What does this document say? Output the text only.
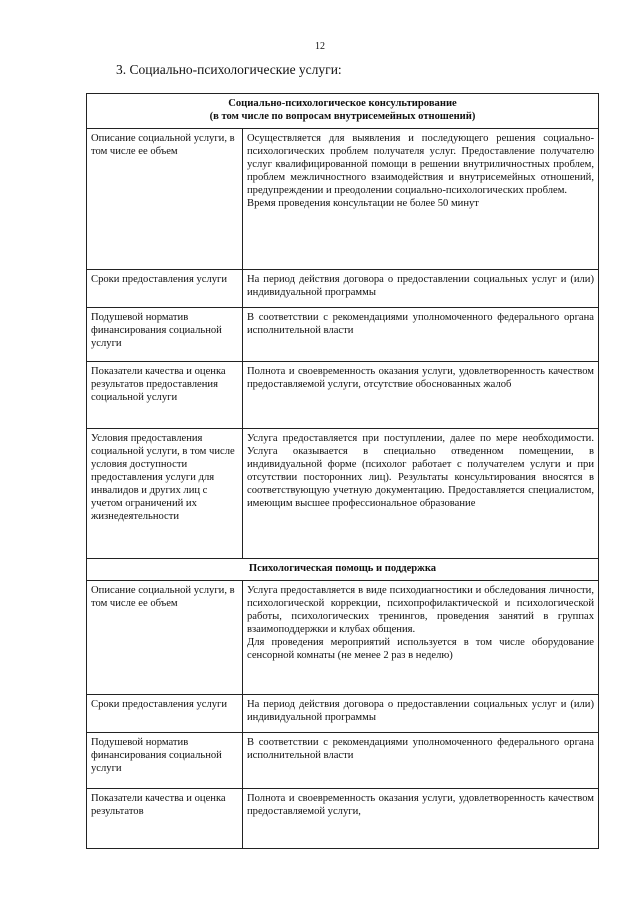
12
3. Социально-психологические услуги:
Социально-психологическое консультирование
(в том числе по вопросам внутрисемейных отношений)	

Описание социальной услуги, в том числе ее объем	Осуществляется для выявления и последующего решения социально-психологических проблем получателя услуг. Предоставление получателю услуг квалифицированной помощи в решении внутриличностных проблем, проблем межличностного взаимодействия и внутрисемейных отношений, предупреждении и преодолении социально-психологических проблем.
Время проведения консультации не более 50 минут

Сроки предоставления услуги	На период действия договора о предоставлении социальных услуг и (или) индивидуальной программы
Подушевой норматив финансирования социальной услуги	В соответствии с рекомендациями уполномоченного федерального органа исполнительной власти
Показатели качества и оценка результатов предоставления социальной услуги	Полнота и своевременность оказания услуги, удовлетворенность качеством предоставляемой услуги, отсутствие обоснованных жалоб
Условия предоставления социальной услуги, в том числе условия доступности предоставления услуги для инвалидов и других лиц с учетом ограничений их жизнедеятельности	Услуга предоставляется при поступлении, далее по мере необходимости. Услуга оказывается в специально отведенном помещении, в индивидуальной форме (психолог работает с получателем услуги и при отсутствии посторонних лиц). Результаты консультирования вносятся в соответствующую учетную документацию. Предоставляется специалистом, имеющим высшее профессиональное образование

Психологическая помощь и поддержка	

Описание социальной услуги, в том числе ее объем	Услуга предоставляется в виде психодиагностики и обследования личности, психологической коррекции, психопрофилактической и психологической работы, психологических тренингов, проведения занятий в группах взаимоподдержки и клубах общения.
Для проведения мероприятий используется в том числе оборудование сенсорной комнаты (не менее 2 раз в неделю)

Сроки предоставления услуги	На период действия договора о предоставлении социальных услуг и (или) индивидуальной программы
Подушевой норматив финансирования социальной услуги	В соответствии с рекомендациями уполномоченного федерального органа исполнительной власти
Показатели качества и оценка результатов	Полнота и своевременность оказания услуги, удовлетворенность качеством предоставляемой услуги,
